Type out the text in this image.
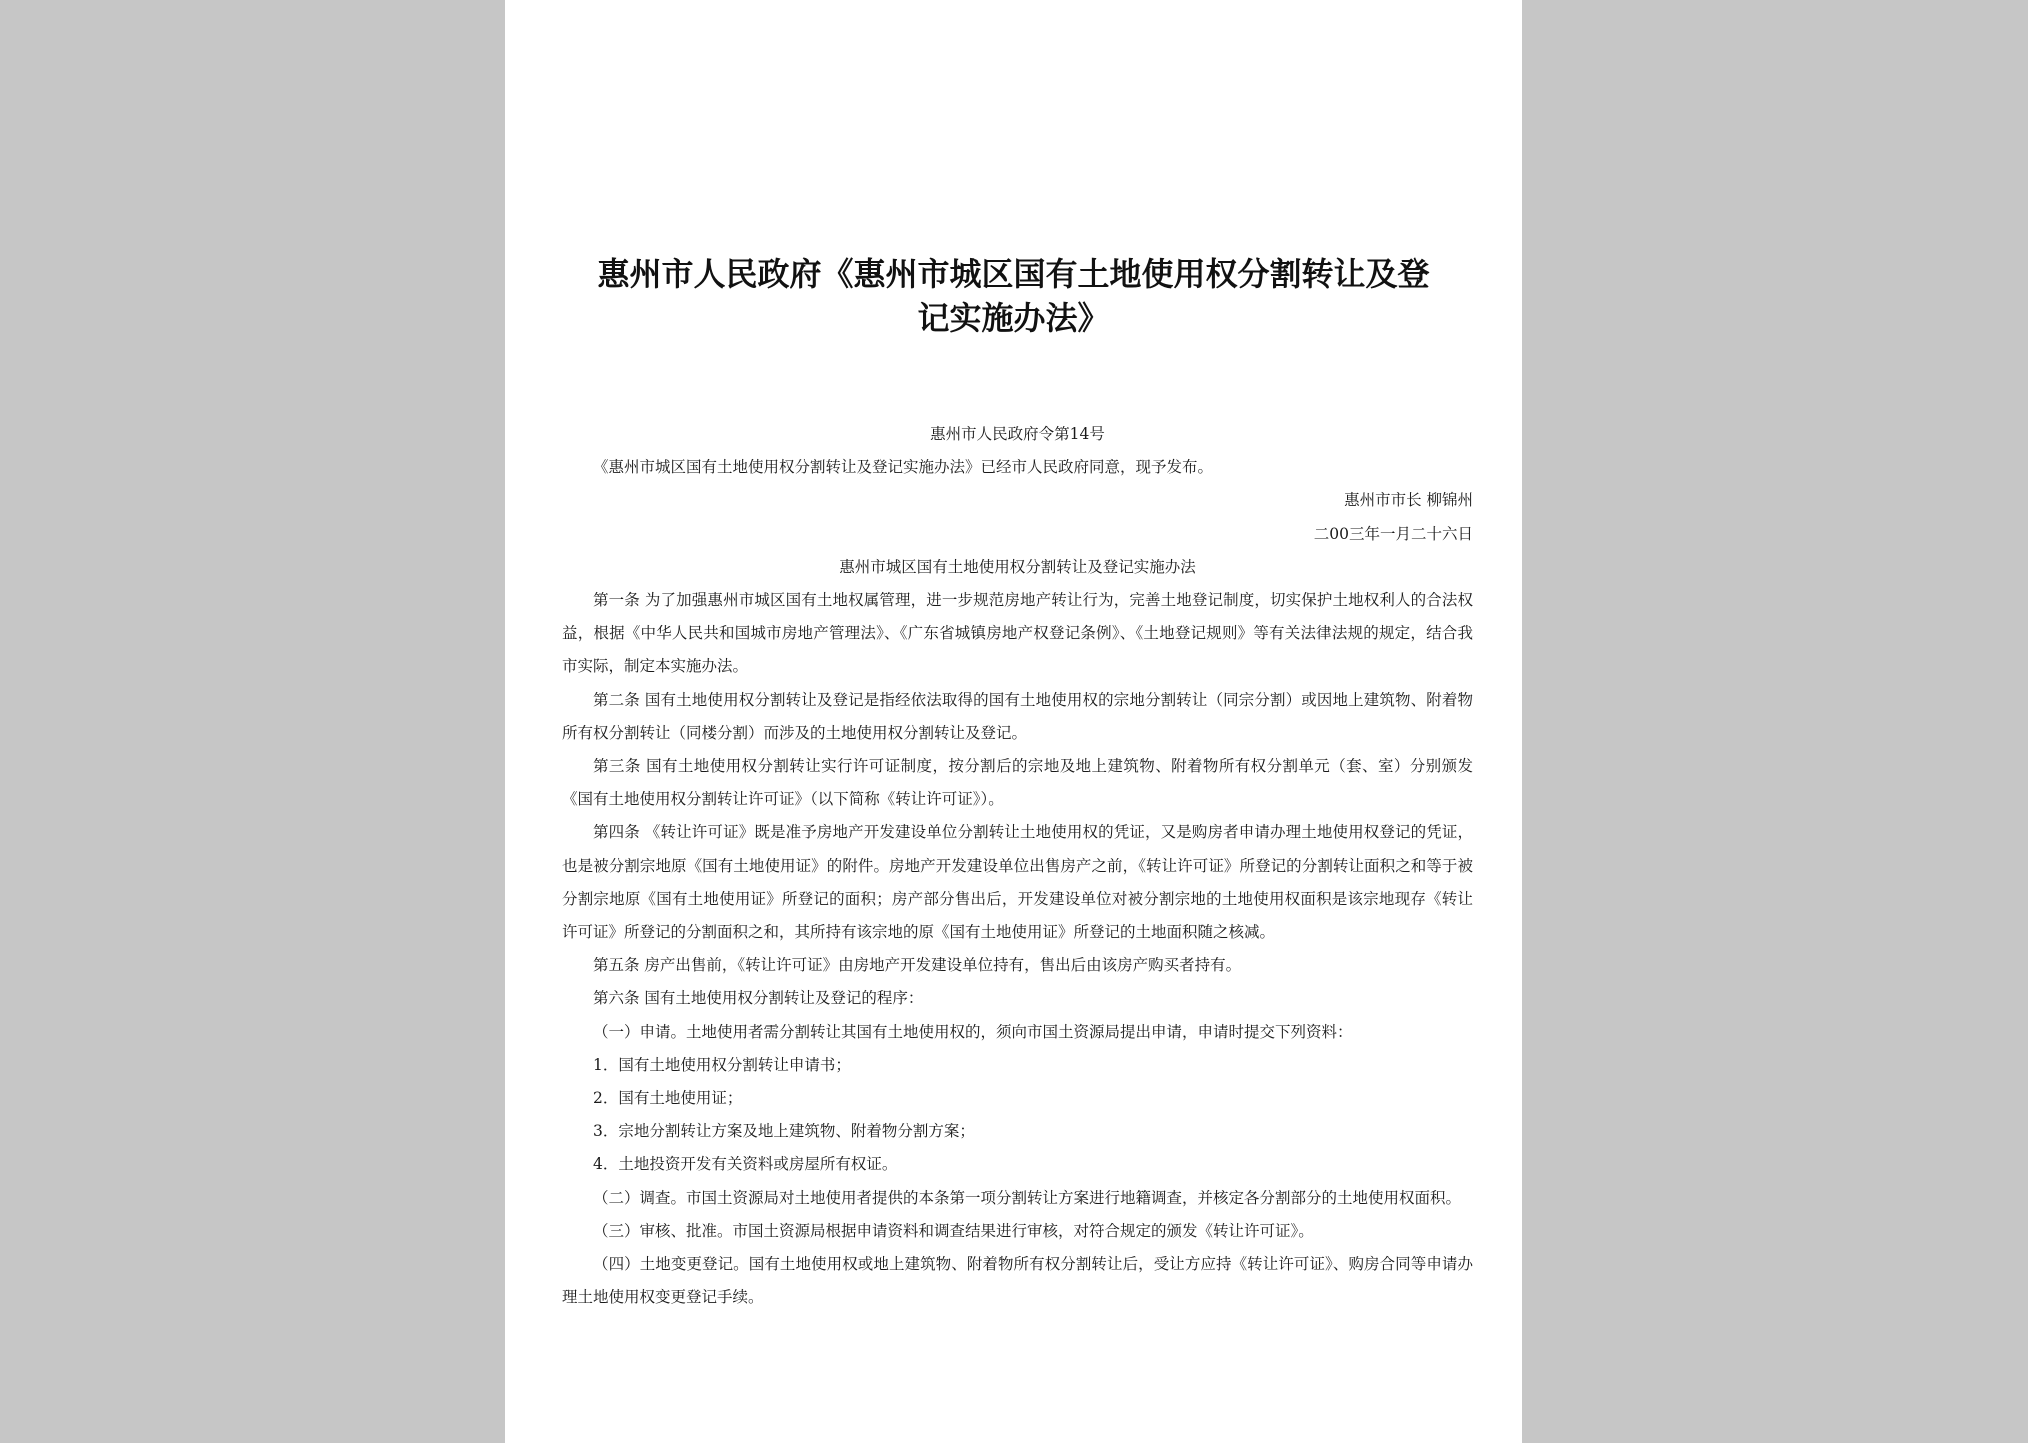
惠州市人民政府《惠州市城区国有土地使用权分割转让及登记实施办法》

惠州市人民政府令第14号

《惠州市城区国有土地使用权分割转让及登记实施办法》已经市人民政府同意，现予发布。

惠州市市长 柳锦州

二00三年一月二十六日

惠州市城区国有土地使用权分割转让及登记实施办法

第一条 为了加强惠州市城区国有土地权属管理，进一步规范房地产转让行为，完善土地登记制度，切实保护土地权利人的合法权益，根据《中华人民共和国城市房地产管理法》、《广东省城镇房地产权登记条例》、《土地登记规则》等有关法律法规的规定，结合我市实际，制定本实施办法。

第二条 国有土地使用权分割转让及登记是指经依法取得的国有土地使用权的宗地分割转让（同宗分割）或因地上建筑物、附着物所有权分割转让（同楼分割）而涉及的土地使用权分割转让及登记。

第三条 国有土地使用权分割转让实行许可证制度，按分割后的宗地及地上建筑物、附着物所有权分割单元（套、室）分别颁发《国有土地使用权分割转让许可证》（以下简称《转让许可证》）。

第四条 《转让许可证》既是准予房地产开发建设单位分割转让土地使用权的凭证，又是购房者申请办理土地使用权登记的凭证，也是被分割宗地原《国有土地使用证》的附件。房地产开发建设单位出售房产之前，《转让许可证》所登记的分割转让面积之和等于被分割宗地原《国有土地使用证》所登记的面积；房产部分售出后，开发建设单位对被分割宗地的土地使用权面积是该宗地现存《转让许可证》所登记的分割面积之和，其所持有该宗地的原《国有土地使用证》所登记的土地面积随之核减。

第五条 房产出售前，《转让许可证》由房地产开发建设单位持有，售出后由该房产购买者持有。

第六条 国有土地使用权分割转让及登记的程序：

（一）申请。土地使用者需分割转让其国有土地使用权的，须向市国土资源局提出申请，申请时提交下列资料：

1．国有土地使用权分割转让申请书；

2．国有土地使用证；

3．宗地分割转让方案及地上建筑物、附着物分割方案；

4．土地投资开发有关资料或房屋所有权证。

（二）调查。市国土资源局对土地使用者提供的本条第一项分割转让方案进行地籍调查，并核定各分割部分的土地使用权面积。

（三）审核、批准。市国土资源局根据申请资料和调查结果进行审核，对符合规定的颁发《转让许可证》。

（四）土地变更登记。国有土地使用权或地上建筑物、附着物所有权分割转让后，受让方应持《转让许可证》、购房合同等申请办理土地使用权变更登记手续。
